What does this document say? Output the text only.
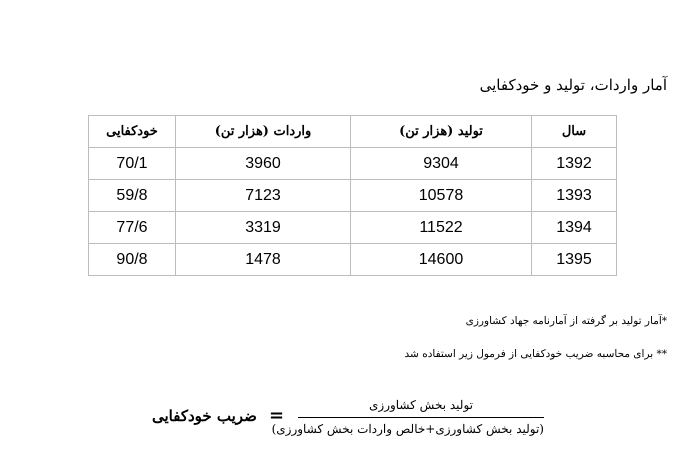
آمار واردات، تولید و خودکفایی
سال	تولید (هزار تن)	واردات (هزار تن)	خودکفایی
1392	9304	3960	70/1
1393	10578	7123	59/8
1394	11522	3319	77/6
1395	14600	1478	90/8
*آمار تولید بر گرفته از آمارنامه جهاد کشاورزی
** برای محاسبه ضریب خودکفایی از فرمول زیر استفاده شد
ضریب خودکفایی =	تولید بخش کشاورزی
(تولید بخش کشاورزی+خالص واردات بخش کشاورزی)
